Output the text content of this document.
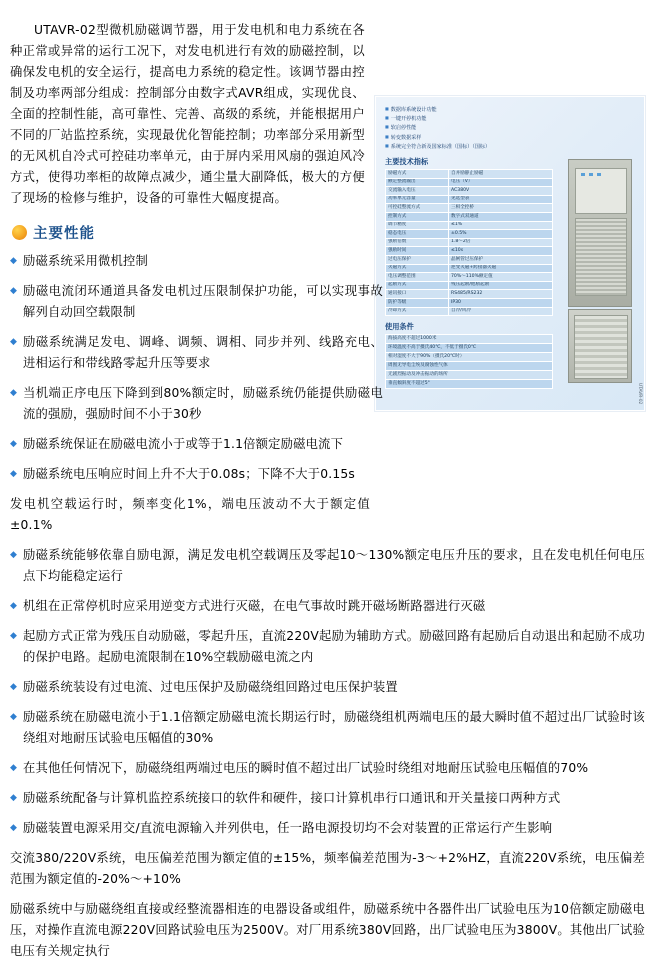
UTAVR-02型微机励磁调节器，用于发电机和电力系统在各种正常或异常的运行工况下，对发电机进行有效的励磁控制，以确保发电机的安全运行，提高电力系统的稳定性。该调节器由控制及功率两部分组成：控制部分由数字式AVR组成，实现优良、全面的控制性能，高可靠性、完善、高级的系统，并能根据用户不同的厂站监控系统，实现最优化智能控制；功率部分采用新型的无风机自冷式可控硅功率单元，由于屏内采用风扇的强迫风冷方式，使得功率柜的故障点减少，通尘量大副降低，极大的方便了现场的检修与维护，设备的可靠性大幅度提高。

■ 数据库系统设计功能
■ 一键开停机功能
■ 软启停性能
■ 转变数据采样
■ 系统完全符合新及国家标准（国标）（国标）
主要技术指标
励磁方式	自并励静止励磁
额定整流输出	电压（V）
交流输入电压	AC380V
功率单元容量	见选型表
可控硅整流方式	三相全控桥
控制方式	数字式双通道
调节精度	≤1%
稳态电压	±0.5%
强励倍数	1.8～2倍
强励时间	≤10s
过电压保护	晶闸管过压保护
灭磁方式	逆变灭磁+跨接器灭磁
电压调整范围	70%～110%额定值
起励方式	残压起励/他励起励
通讯接口	RS485/RS232
防护等级	IP30
冷却方式	自冷/风冷
使用条件
海拔高度不超过1000米
环境温度不高于摄氏40℃，不低于摄氏0℃
相对湿度不大于90%（摄氏20℃时）
周围无导电尘埃及腐蚀性气体
无剧烈振动及冲击振动的场所
垂直倾斜度不超过5°	UTAVR-02
主要性能
◆ 励磁系统采用微机控制
◆ 励磁电流闭环通道具备发电机过压限制保护功能，可以实现事故解列自动回空载限制
◆ 励磁系统满足发电、调峰、调频、调相、同步并列、线路充电、进相运行和带线路零起升压等要求
◆ 当机端正序电压下降到到80%额定时，励磁系统仍能提供励磁电流的强励，强励时间不小于30秒
◆ 励磁系统保证在励磁电流小于或等于1.1倍额定励磁电流下
◆ 励磁系统电压响应时间上升不大于0.08s；下降不大于0.15s
发电机空载运行时，频率变化1%，端电压波动不大于额定值±0.1%
◆ 励磁系统能够依靠自励电源，满足发电机空载调压及零起10～130%额定电压升压的要求，且在发电机任何电压点下均能稳定运行
◆ 机组在正常停机时应采用逆变方式进行灭磁，在电气事故时跳开磁场断路器进行灭磁
◆ 起励方式正常为残压自动励磁，零起升压，直流220V起励为辅助方式。励磁回路有起励后自动退出和起励不成功的保护电路。起励电流限制在10%空载励磁电流之内
◆ 励磁系统装设有过电流、过电压保护及励磁绕组回路过电压保护装置
◆ 励磁系统在励磁电流小于1.1倍额定励磁电流长期运行时，励磁绕组机两端电压的最大瞬时值不超过出厂试验时该绕组对地耐压试验电压幅值的30%
◆ 在其他任何情况下，励磁绕组两端过电压的瞬时值不超过出厂试验时绕组对地耐压试验电压幅值的70%
◆ 励磁系统配备与计算机监控系统接口的软件和硬件，接口计算机串行口通讯和开关量接口两种方式
◆ 励磁装置电源采用交/直流电源输入并列供电，任一路电源投切均不会对装置的正常运行产生影响
交流380/220V系统，电压偏差范围为额定值的±15%，频率偏差范围为-3～+2%HZ，直流220V系统，电压偏差范围为额定值的-20%～+10%
励磁系统中与励磁绕组直接或经整流器相连的电器设备或组件，励磁系统中各器件出厂试验电压为10倍额定励磁电压，对操作直流电源220V回路试验电压为2500V。对厂用系统380V回路，出厂试验电压为3800V。其他出厂试验电压有关规定执行
